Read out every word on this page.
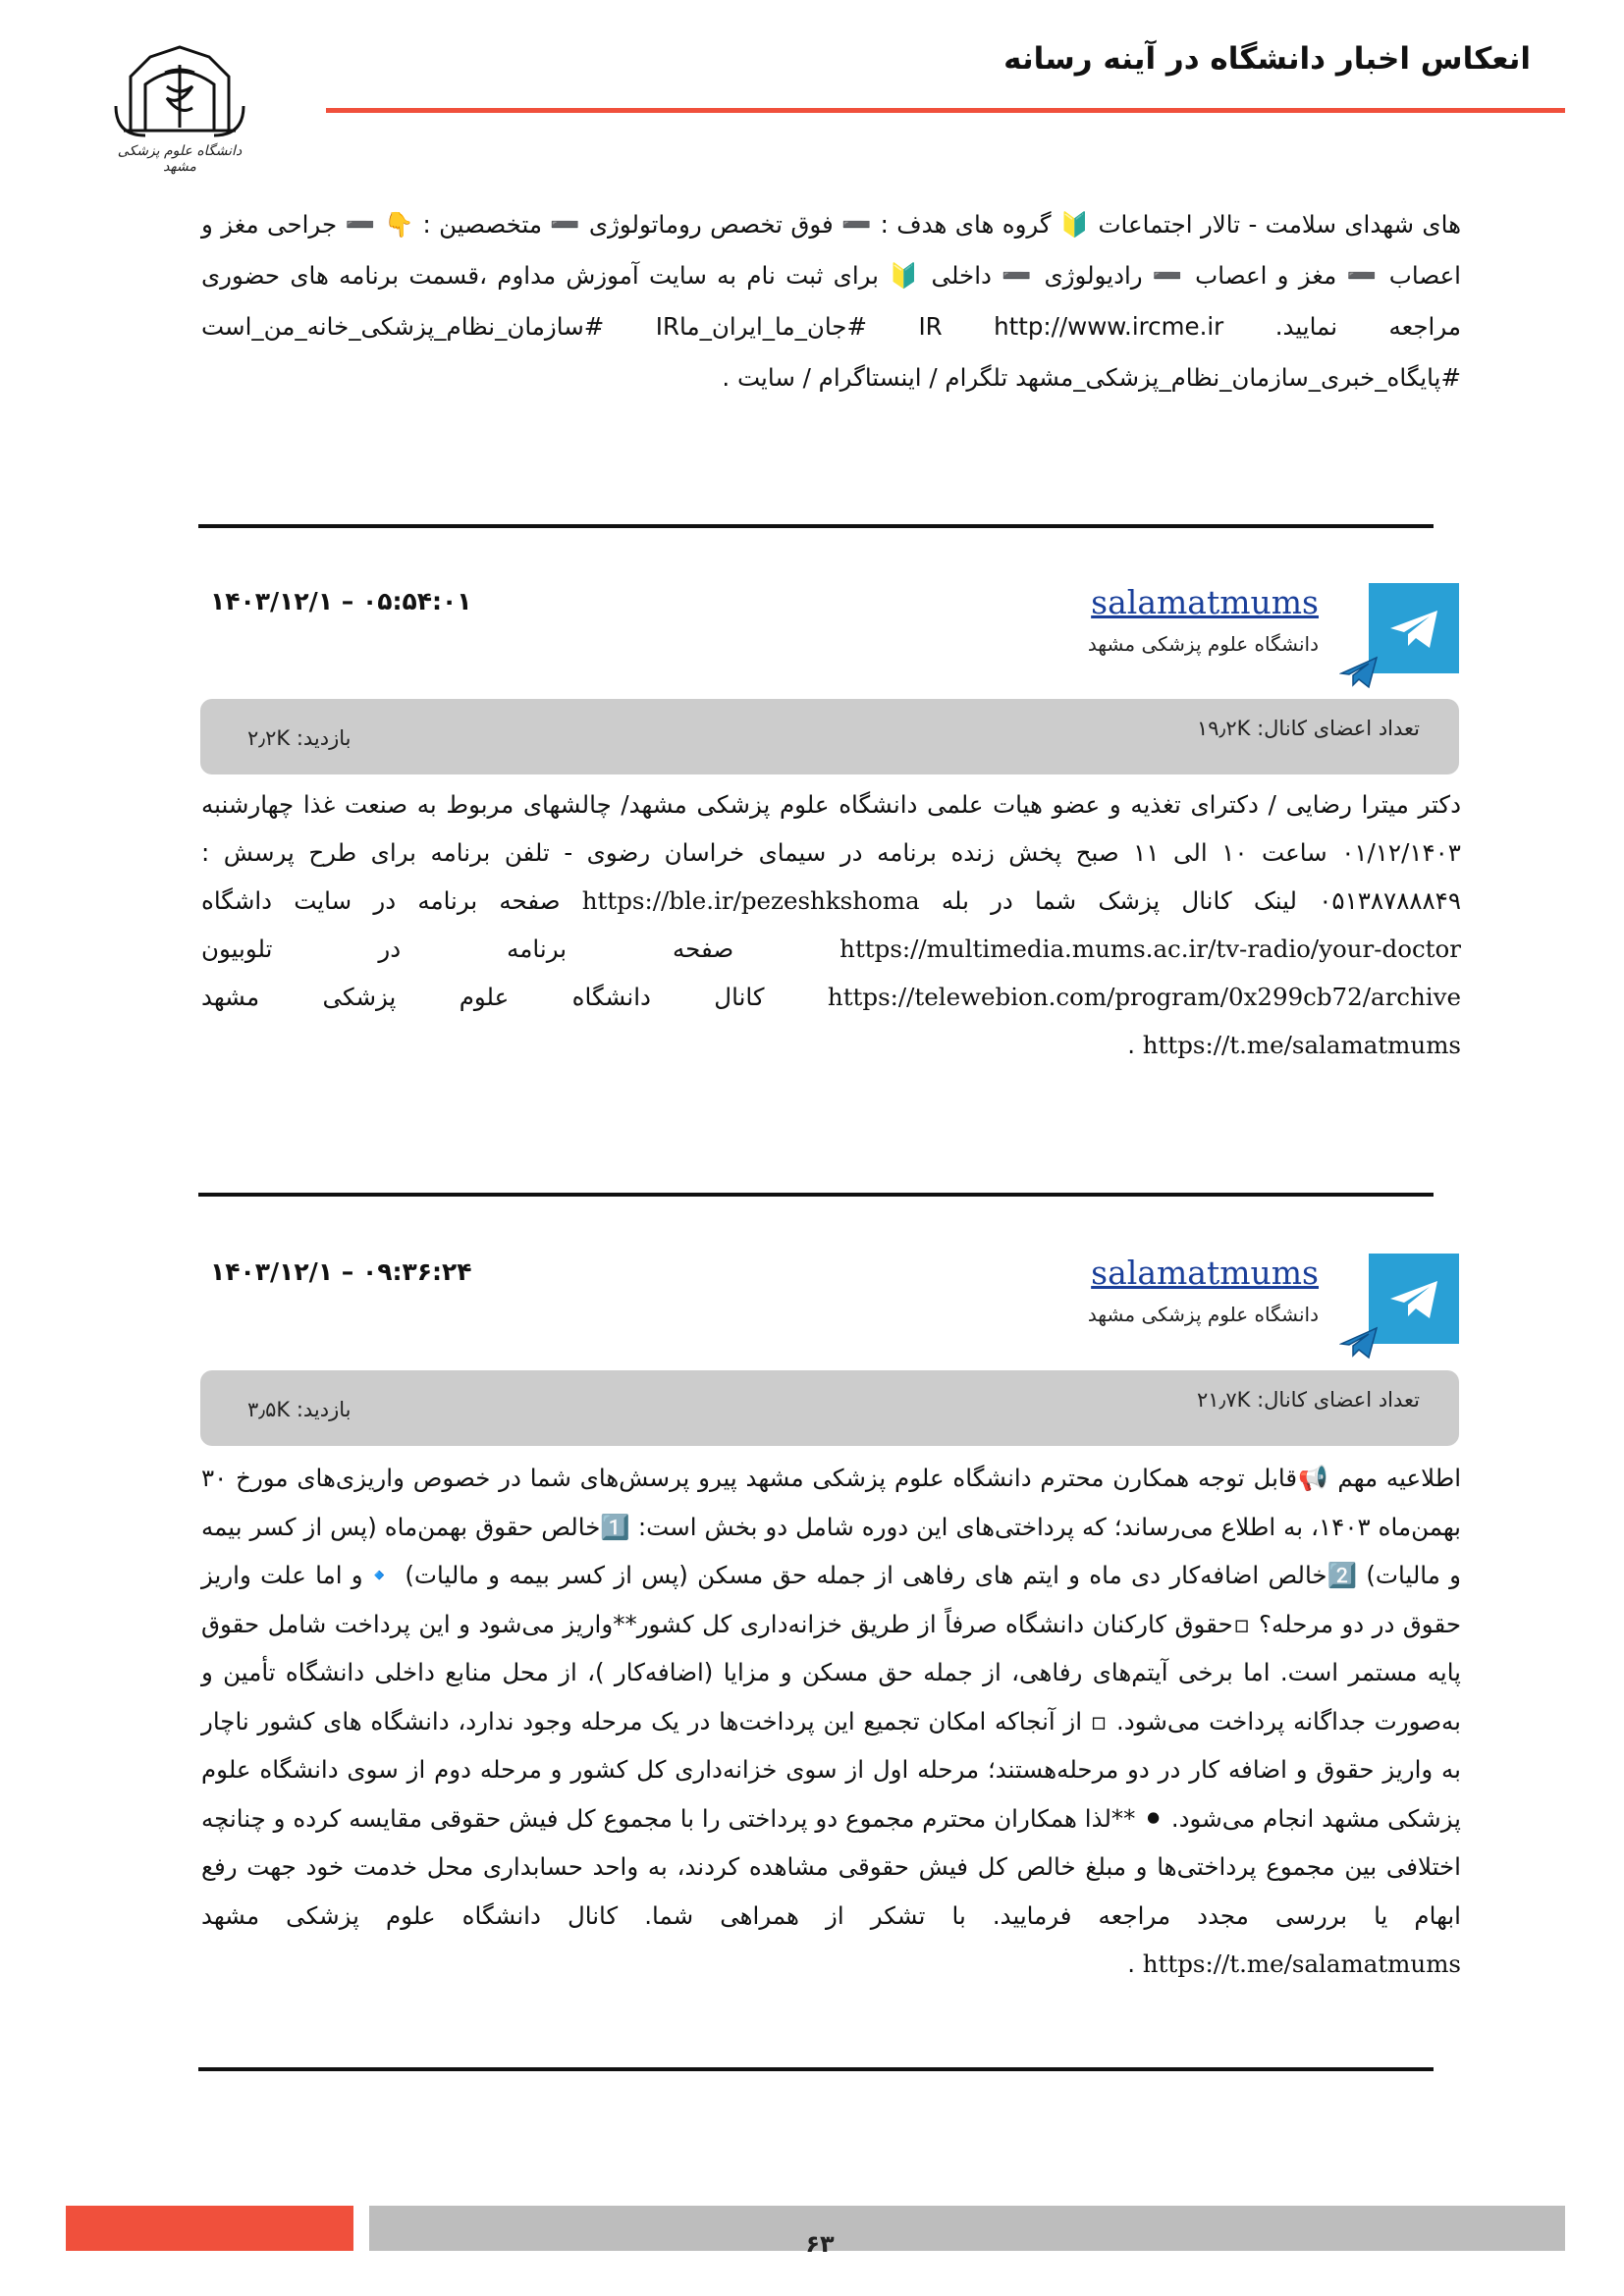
انعکاس اخبار دانشگاه در آینه رسانه
دانشگاه علوم پزشکی مشهد

های شهدای سلامت - تالار اجتماعات 🔰 گروه های هدف : ➖ فوق تخصص روماتولوژی ➖ متخصصین : 👇 ➖ جراحی مغز و اعصاب ➖ مغز و اعصاب ➖ رادیولوژی ➖ داخلی 🔰 برای ثبت نام به سایت آموزش مداوم ،قسمت برنامه های حضوری مراجعه نمایید. IR http://www.ircme.ir #جان_ما_ایران_ماIR #سازمان_نظام_پزشکی_خانه_من_است #پایگاه_خبری_سازمان_نظام_پزشکی_مشهد تلگرام / اینستاگرام / سایت .

salamatmums
دانشگاه علوم پزشکی مشهد
۱۴۰۳/۱۲/۱ – ۰۵:۵۴:۰۱
تعداد اعضای کانال: ۱۹٫۲K
بازدید: ۲٫۲K

دکتر میترا رضایی / دکترای تغذیه و عضو هیات علمی دانشگاه علوم پزشکی مشهد/ چالشهای مربوط به صنعت غذا چهارشنبه ۰۱/۱۲/۱۴۰۳ ساعت ۱۰ الی ۱۱ صبح پخش زنده برنامه در سیمای خراسان رضوی - تلفن برنامه برای طرح پرسش : ۰۵۱۳۸۷۸۸۸۴۹ لینک کانال پزشک شما در بله https://ble.ir/pezeshkshoma صفحه برنامه در سایت داشگاه https://multimedia.mums.ac.ir/tv-radio/your-doctor صفحه برنامه در تلوبیون https://telewebion.com/program/0x299cb72/archive کانال دانشگاه علوم پزشکی مشهد https://t.me/salamatmums .

salamatmums
دانشگاه علوم پزشکی مشهد
۱۴۰۳/۱۲/۱ – ۰۹:۳۶:۲۴
تعداد اعضای کانال: ۲۱٫۷K
بازدید: ۳٫۵K

اطلاعیه مهم 📢قابل توجه همکارن محترم دانشگاه علوم پزشکی مشهد پیرو پرسش‌های شما در خصوص واریزی‌های مورخ ۳۰ بهمن‌ماه ۱۴۰۳، به اطلاع می‌رساند؛ که پرداختی‌های این دوره شامل دو بخش است: 1️⃣خالص حقوق بهمن‌ماه (پس از کسر بیمه و مالیات) 2️⃣خالص اضافه‌کار دی ماه و ایتم های رفاهی از جمله حق مسکن (پس از کسر بیمه و مالیات) 🔹و اما علت واریز حقوق در دو مرحله؟ ▫حقوق کارکنان دانشگاه صرفاً از طریق خزانه‌داری کل کشور**واریز می‌شود و این پرداخت شامل حقوق پایه مستمر است. اما برخی آیتم‌های رفاهی، از جمله حق مسکن و مزایا (اضافه‌کار )، از محل منابع داخلی دانشگاه تأمین و به‌صورت جداگانه پرداخت می‌شود. ▫ از آنجاکه امکان تجمیع این پرداخت‌ها در یک مرحله وجود ندارد، دانشگاه های کشور ناچار به واریز حقوق و اضافه کار در دو مرحله‌هستند؛ مرحله اول از سوی خزانه‌داری کل کشور و مرحله دوم از سوی دانشگاه علوم پزشکی مشهد انجام می‌شود. ⚫ **لذا همکاران محترم مجموع دو پرداختی را با مجموع کل فیش حقوقی مقایسه کرده و چنانچه اختلافی بین مجموع پرداختی‌ها و مبلغ خالص کل فیش حقوقی مشاهده کردند، به واحد حسابداری محل خدمت خود جهت رفع ابهام یا بررسی مجدد مراجعه فرمایید. با تشکر از همراهی شما. کانال دانشگاه علوم پزشکی مشهد https://t.me/salamatmums .

۶۳
